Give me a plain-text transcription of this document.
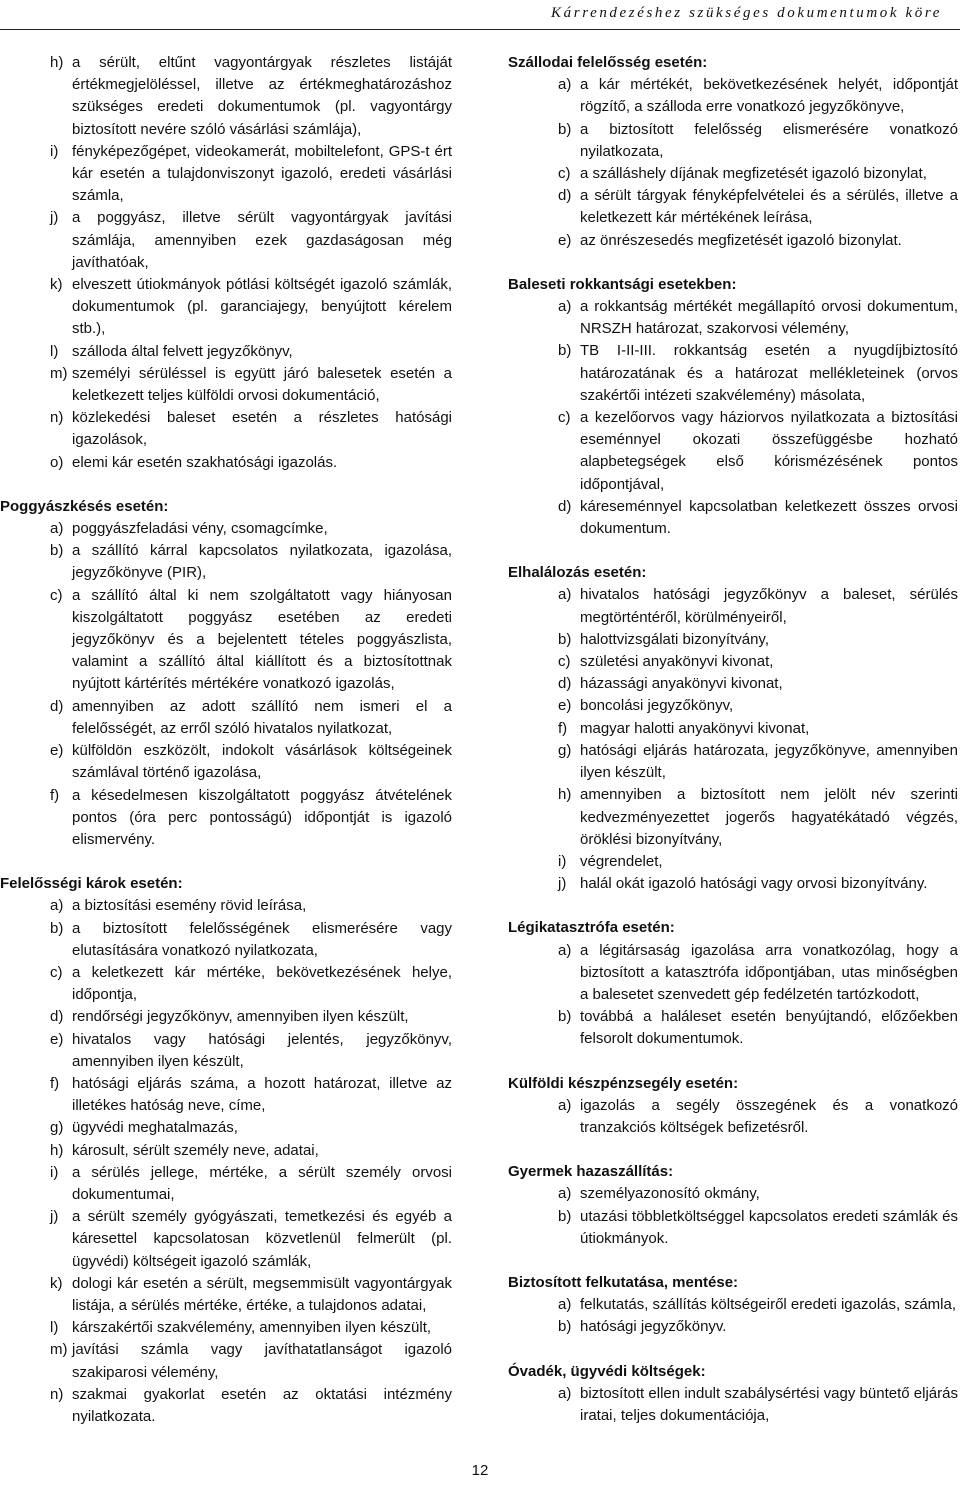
Kárrendezéshez szükséges dokumentumok köre
h) a sérült, eltűnt vagyontárgyak részletes listáját értékmegjelöléssel, illetve az értékmeghatározáshoz szükséges eredeti dokumentumok (pl. vagyontárgy biztosított nevére szóló vásárlási számlája),
i) fényképezőgépet, videokamerát, mobiltelefont, GPS-t ért kár esetén a tulajdonviszonyt igazoló, eredeti vásárlási számla,
j) a poggyász, illetve sérült vagyontárgyak javítási számlája, amennyiben ezek gazdaságosan még javíthatóak,
k) elveszett útiokmányok pótlási költségét igazoló számlák, dokumentumok (pl. garanciajegy, benyújtott kérelem stb.),
l) szálloda által felvett jegyzőkönyv,
m) személyi sérüléssel is együtt járó balesetek esetén a keletkezett teljes külföldi orvosi dokumentáció,
n) közlekedési baleset esetén a részletes hatósági igazolások,
o) elemi kár esetén szakhatósági igazolás.
Poggyászkésés esetén:
a) poggyászfeladási vény, csomagcímke,
b) a szállító kárral kapcsolatos nyilatkozata, igazolása, jegyzőkönyve (PIR),
c) a szállító által ki nem szolgáltatott vagy hiányosan kiszolgáltatott poggyász esetében az eredeti jegyzőkönyv és a bejelentett tételes poggyászlista, valamint a szállító által kiállított és a biztosítottnak nyújtott kártérítés mértékére vonatkozó igazolás,
d) amennyiben az adott szállító nem ismeri el a felelősségét, az erről szóló hivatalos nyilatkozat,
e) külföldön eszközölt, indokolt vásárlások költségeinek számlával történő igazolása,
f) a késedelmesen kiszolgáltatott poggyász átvételének pontos (óra perc pontosságú) időpontját is igazoló elismervény.
Felelősségi károk esetén:
a) a biztosítási esemény rövid leírása,
b) a biztosított felelősségének elismerésére vagy elutasítására vonatkozó nyilatkozata,
c) a keletkezett kár mértéke, bekövetkezésének helye, időpontja,
d) rendőrségi jegyzőkönyv, amennyiben ilyen készült,
e) hivatalos vagy hatósági jelentés, jegyzőkönyv, amennyiben ilyen készült,
f) hatósági eljárás száma, a hozott határozat, illetve az illetékes hatóság neve, címe,
g) ügyvédi meghatalmazás,
h) károsult, sérült személy neve, adatai,
i) a sérülés jellege, mértéke, a sérült személy orvosi dokumentumai,
j) a sérült személy gyógyászati, temetkezési és egyéb a káresettel kapcsolatosan közvetlenül felmerült (pl. ügyvédi) költségeit igazoló számlák,
k) dologi kár esetén a sérült, megsemmisült vagyontárgyak listája, a sérülés mértéke, értéke, a tulajdonos adatai,
l) kárszakértői szakvélemény, amennyiben ilyen készült,
m) javítási számla vagy javíthatatlanságot igazoló szakiparosi vélemény,
n) szakmai gyakorlat esetén az oktatási intézmény nyilatkozata.
Szállodai felelősség esetén:
a) a kár mértékét, bekövetkezésének helyét, időpontját rögzítő, a szálloda erre vonatkozó jegyzőkönyve,
b) a biztosított felelősség elismerésére vonatkozó nyilatkozata,
c) a szálláshely díjának megfizetését igazoló bizonylat,
d) a sérült tárgyak fényképfelvételei és a sérülés, illetve a keletkezett kár mértékének leírása,
e) az önrészesedés megfizetését igazoló bizonylat.
Baleseti rokkantsági esetekben:
a) a rokkantság mértékét megállapító orvosi dokumentum, NRSZH határozat, szakorvosi vélemény,
b) TB I-II-III. rokkantság esetén a nyugdíjbiztosító határozatának és a határozat mellékleteinek (orvos szakértői intézeti szakvélemény) másolata,
c) a kezelőorvos vagy háziorvos nyilatkozata a biztosítási eseménnyel okozati összefüggésbe hozható alapbetegségek első kórismézésének pontos időpontjával,
d) káreseménnyel kapcsolatban keletkezett összes orvosi dokumentum.
Elhalálozás esetén:
a) hivatalos hatósági jegyzőkönyv a baleset, sérülés megtörténtéről, körülményeiről,
b) halottvizsgálati bizonyítvány,
c) születési anyakönyvi kivonat,
d) házassági anyakönyvi kivonat,
e) boncolási jegyzőkönyv,
f) magyar halotti anyakönyvi kivonat,
g) hatósági eljárás határozata, jegyzőkönyve, amennyiben ilyen készült,
h) amennyiben a biztosított nem jelölt név szerinti kedvezményezettet jogerős hagyatékátadó végzés, öröklési bizonyítvány,
i) végrendelet,
j) halál okát igazoló hatósági vagy orvosi bizonyítvány.
Légikatasztrófa esetén:
a) a légitársaság igazolása arra vonatkozólag, hogy a biztosított a katasztrófa időpontjában, utas minőségben a balesetet szenvedett gép fedélzetén tartózkodott,
b) továbbá a haláleset esetén benyújtandó, előzőekben felsorolt dokumentumok.
Külföldi készpénzsegély esetén:
a) igazolás a segély összegének és a vonatkozó tranzakciós költségek befizetésről.
Gyermek hazaszállítás:
a) személyazonosító okmány,
b) utazási többletköltséggel kapcsolatos eredeti számlák és útiokmányok.
Biztosított felkutatása, mentése:
a) felkutatás, szállítás költségeiről eredeti igazolás, számla,
b) hatósági jegyzőkönyv.
Óvadék, ügyvédi költségek:
a) biztosított ellen indult szabálysértési vagy büntető eljárás iratai, teljes dokumentációja,
12
